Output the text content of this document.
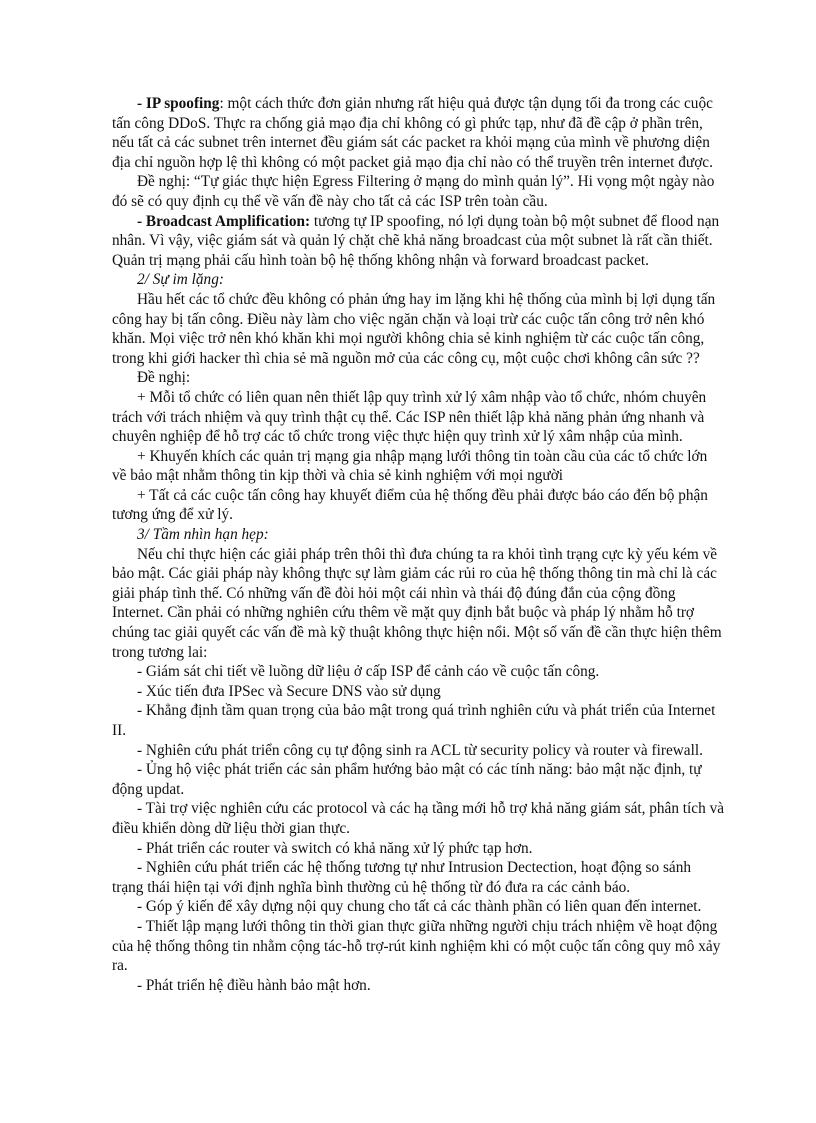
- IP spoofing: một cách thức đơn giản nhưng rất hiệu quả được tận dụng tối đa trong các cuộc tấn công DDoS. Thực ra chống giả mạo địa chỉ không có gì phức tạp, như đã đề cập ở phần trên, nếu tất cả các subnet trên internet đều giám sát các packet ra khỏi mạng của mình về phương diện địa chỉ nguồn hợp lệ thì không có một packet giả mạo địa chỉ nào có thể truyền trên internet được.

Đề nghị: “Tự giác thực hiện Egress Filtering ở mạng do mình quản lý”. Hi vọng một ngày nào đó sẽ có quy định cụ thể về vấn đề này cho tất cả các ISP trên toàn cầu.

- Broadcast Amplification: tương tự IP spoofing, nó lợi dụng toàn bộ một subnet để flood nạn nhân. Vì vậy, việc giám sát và quản lý chặt chẽ khả năng broadcast của một subnet là rất cần thiết. Quản trị mạng phải cấu hình toàn bộ hệ thống không nhận và forward broadcast packet.

2/ Sự im lặng:

Hầu hết các tổ chức đều không có phản ứng hay im lặng khi hệ thống của mình bị lợi dụng tấn công hay bị tấn công. Điều này làm cho việc ngăn chặn và loại trừ các cuộc tấn công trở nên khó khăn. Mọi việc trở nên khó khăn khi mọi người không chia sẻ kinh nghiệm từ các cuộc tấn công, trong khi giới hacker thì chia sẻ mã nguồn mở của các công cụ, một cuộc chơi không cân sức ??

Đề nghị:

+ Mỗi tổ chức có liên quan nên thiết lập quy trình xử lý xâm nhập vào tổ chức, nhóm chuyên trách với trách nhiệm và quy trình thật cụ thể. Các ISP nên thiết lập khả năng phản ứng nhanh và chuyên nghiệp để hỗ trợ các tổ chức trong việc thực hiện quy trình xử lý xâm nhập của mình.

+ Khuyến khích các quản trị mạng gia nhập mạng lưới thông tin toàn cầu của các tổ chức lớn về bảo mật nhằm thông tin kịp thời và chia sẻ kinh nghiệm với mọi người

+ Tất cả các cuộc tấn công hay khuyết điểm của hệ thống đều phải được báo cáo đến bộ phận tương ứng để xử lý.

3/ Tầm nhìn hạn hẹp:

Nếu chỉ thực hiện các giải pháp trên thôi thì đưa chúng ta ra khỏi tình trạng cực kỳ yếu kém về bảo mật. Các giải pháp này không thực sự làm giảm các rủi ro của hệ thống thông tin mà chỉ là các giải pháp tình thế. Có những vấn đề đòi hỏi một cái nhìn và thái độ đúng đắn của cộng đồng Internet. Cần phải có những nghiên cứu thêm về mặt quy định bắt buộc và pháp lý nhằm hỗ trợ chúng tac giải quyết các vấn đề mà kỹ thuật không thực hiện nổi. Một số vấn đề cần thực hiện thêm trong tương lai:

- Giám sát chi tiết về luồng dữ liệu ở cấp ISP để cảnh cáo về cuộc tấn công.

- Xúc tiến đưa IPSec và Secure DNS vào sử dụng

- Khẳng định tầm quan trọng của bảo mật trong quá trình nghiên cứu và phát triển của Internet II.

- Nghiên cứu phát triển công cụ tự động sinh ra ACL từ security policy và router và firewall.

- Ủng hộ việc phát triển các sản phẩm hướng bảo mật có các tính năng: bảo mật nặc định, tự động updat.

- Tài trợ việc nghiên cứu các protocol và các hạ tầng mới hỗ trợ khả năng giám sát, phân tích và điều khiển dòng dữ liệu thời gian thực.

- Phát triển các router và switch có khả năng xử lý phức tạp hơn.

- Nghiên cứu phát triển các hệ thống tương tự như Intrusion Dectection, hoạt động so sánh trạng thái hiện tại với định nghĩa bình thường củ hệ thống từ đó đưa ra các cảnh báo.

- Góp ý kiến để xây dựng nội quy chung cho tất cả các thành phần có liên quan đến internet.

- Thiết lập mạng lưới thông tin thời gian thực giữa những người chịu trách nhiệm về hoạt động của hệ thống thông tin nhằm cộng tác-hỗ trợ-rút kinh nghiệm khi có một cuộc tấn công quy mô xảy ra.

- Phát triển hệ điều hành bảo mật hơn.
